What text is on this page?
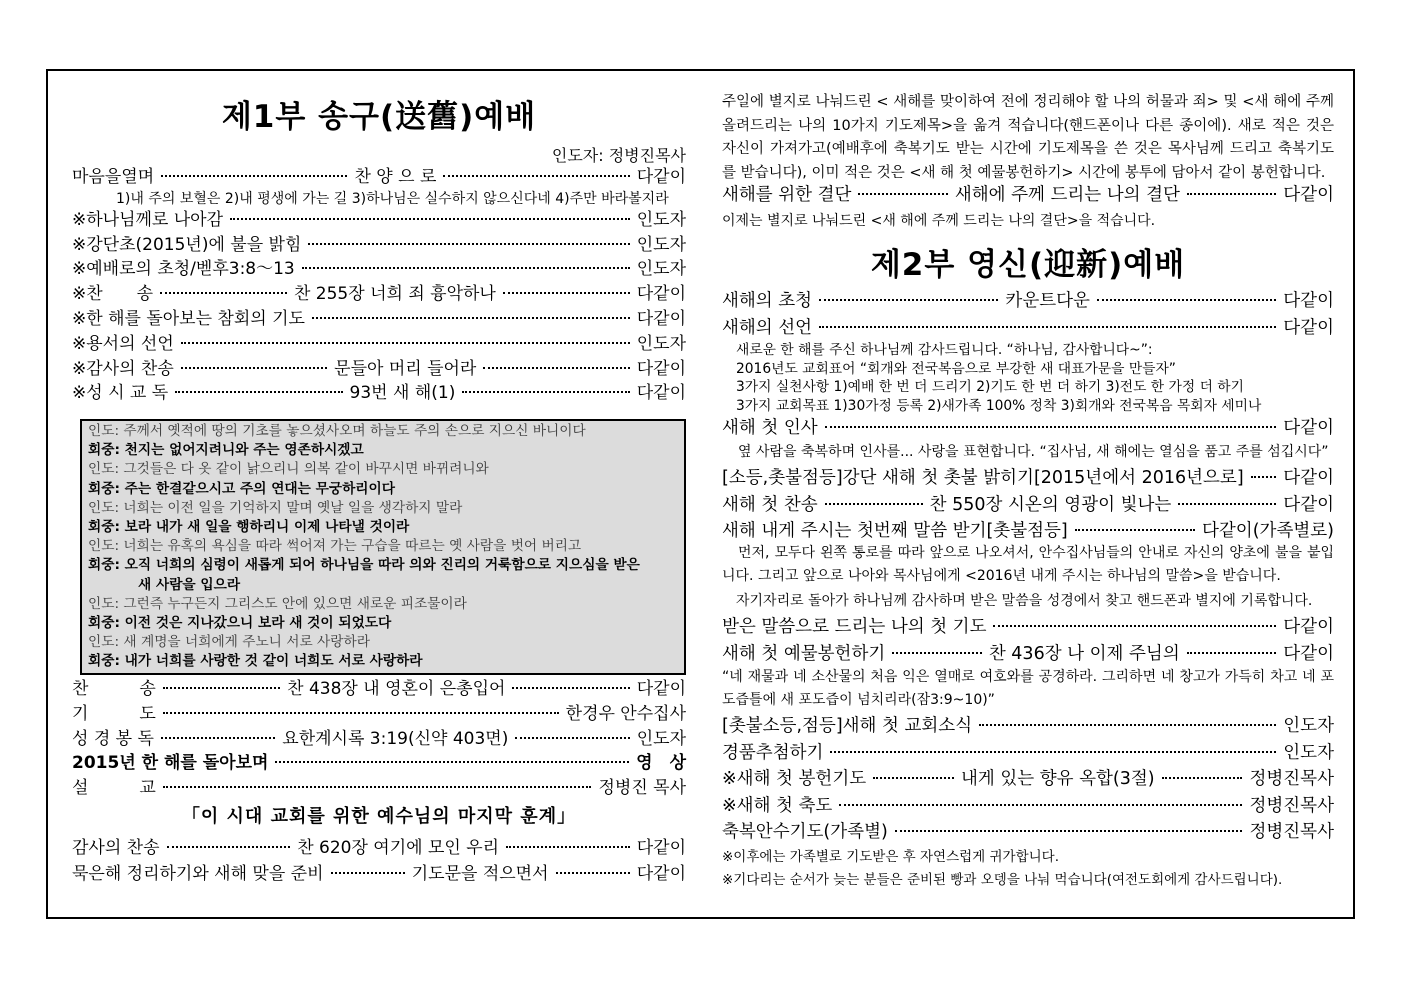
제1부 송구(送舊)예배
인도자: 정병진목사
마음을열며	찬 양 으 로	다같이
1)내 주의 보혈은 2)내 평생에 가는 길 3)하나님은 실수하지 않으신다네 4)주만 바라볼지라
※하나님께로 나아감	인도자
※강단초(2015년)에 불을 밝힘	인도자
※예배로의 초청/벧후3:8～13	인도자
※찬　　송	찬 255장 너희 죄 흉악하나	다같이
※한 해를 돌아보는 참회의 기도	다같이
※용서의 선언	인도자
※감사의 찬송	문들아 머리 들어라	다같이
※성 시 교 독	93번 새 해(1)	다같이
인도: 주께서 옛적에 땅의 기초를 놓으셨사오며 하늘도 주의 손으로 지으신 바니이다
회중: 천지는 없어지려니와 주는 영존하시겠고
인도: 그것들은 다 옷 같이 낡으리니 의복 같이 바꾸시면 바뀌려니와
회중: 주는 한결같으시고 주의 연대는 무궁하리이다
인도: 너희는 이전 일을 기억하지 말며 옛날 일을 생각하지 말라
회중: 보라 내가 새 일을 행하리니 이제 나타낼 것이라
인도: 너희는 유혹의 욕심을 따라 썩어져 가는 구습을 따르는 옛 사람을 벗어 버리고
회중: 오직 너희의 심령이 새롭게 되어 하나님을 따라 의와 진리의 거룩함으로 지으심을 받은
새 사람을 입으라
인도: 그런즉 누구든지 그리스도 안에 있으면 새로운 피조물이라
회중: 이전 것은 지나갔으니 보라 새 것이 되었도다
인도: 새 계명을 너희에게 주노니 서로 사랑하라
회중: 내가 너희를 사랑한 것 같이 너희도 서로 사랑하라
찬　　　송	찬 438장 내 영혼이 은총입어	다같이
기　　　도	한경우 안수집사
성 경 봉 독	요한계시록 3:19(신약 403면)	인도자
2015년 한 해를 돌아보며	영　상
설　　　교	정병진 목사
「이 시대 교회를 위한 예수님의 마지막 훈계」
감사의 찬송	찬 620장 여기에 모인 우리	다같이
묵은해 정리하기와 새해 맞을 준비	기도문을 적으면서	다같이
주일에 별지로 나눠드린 < 새해를 맞이하여 전에 정리해야 할 나의 허물과 죄> 및 <새 해에 주께 올려드리는 나의 10가지 기도제목>을 옮겨 적습니다(핸드폰이나 다른 종이에). 새로 적은 것은 자신이 가져가고(예배후에 축복기도 받는 시간에 기도제목을 쓴 것은 목사님께 드리고 축복기도를 받습니다), 이미 적은 것은 <새 해 첫 예물봉헌하기> 시간에 봉투에 담아서 같이 봉헌합니다.
새해를 위한 결단	새해에 주께 드리는 나의 결단	다같이
이제는 별지로 나눠드린 <새 해에 주께 드리는 나의 결단>을 적습니다.
제2부 영신(迎新)예배
새해의 초청	카운트다운	다같이
새해의 선언	다같이
새로운 한 해를 주신 하나님께 감사드립니다. “하나님, 감사합니다~”:
2016년도 교회표어 “회개와 전국복음으로 부강한 새 대표가문을 만들자”
3가지 실천사항 1)예배 한 번 더 드리기 2)기도 한 번 더 하기 3)전도 한 가정 더 하기
3가지 교회목표 1)30가정 등록 2)새가족 100% 정착 3)회개와 전국복음 목회자 세미나
새해 첫 인사	다같이
옆 사람을 축복하며 인사를... 사랑을 표현합니다. “집사님, 새 해에는 열심을 품고 주를 섬깁시다”
[소등,촛불점등]강단 새해 첫 촛불 밝히기[2015년에서 2016년으로] 다같이
새해 첫 찬송	찬 550장 시온의 영광이 빛나는	다같이
새해 내게 주시는 첫번째 말씀 받기[촛불점등]	다같이(가족별로)
먼저, 모두다 왼쪽 통로를 따라 앞으로 나오셔서, 안수집사님들의 안내로 자신의 양초에 불을 붙입니다. 그리고 앞으로 나아와 목사님에게 <2016년 내게 주시는 하나님의 말씀>을 받습니다.
자기자리로 돌아가 하나님께 감사하며 받은 말씀을 성경에서 찾고 핸드폰과 별지에 기록합니다.
받은 말씀으로 드리는 나의 첫 기도	다같이
새해 첫 예물봉헌하기	찬 436장 나 이제 주님의	다같이
“네 재물과 네 소산물의 처음 익은 열매로 여호와를 공경하라. 그리하면 네 창고가 가득히 차고 네 포도즙틀에 새 포도즙이 넘치리라(잠3:9~10)”
[촛불소등,점등]새해 첫 교회소식	인도자
경품추첨하기	인도자
※새해 첫 봉헌기도	내게 있는 향유 옥합(3절)	정병진목사
※새해 첫 축도	정병진목사
축복안수기도(가족별)	정병진목사
※이후에는 가족별로 기도받은 후 자연스럽게 귀가합니다.
※기다리는 순서가 늦는 분들은 준비된 빵과 오뎅을 나눠 먹습니다(여전도회에게 감사드립니다).
